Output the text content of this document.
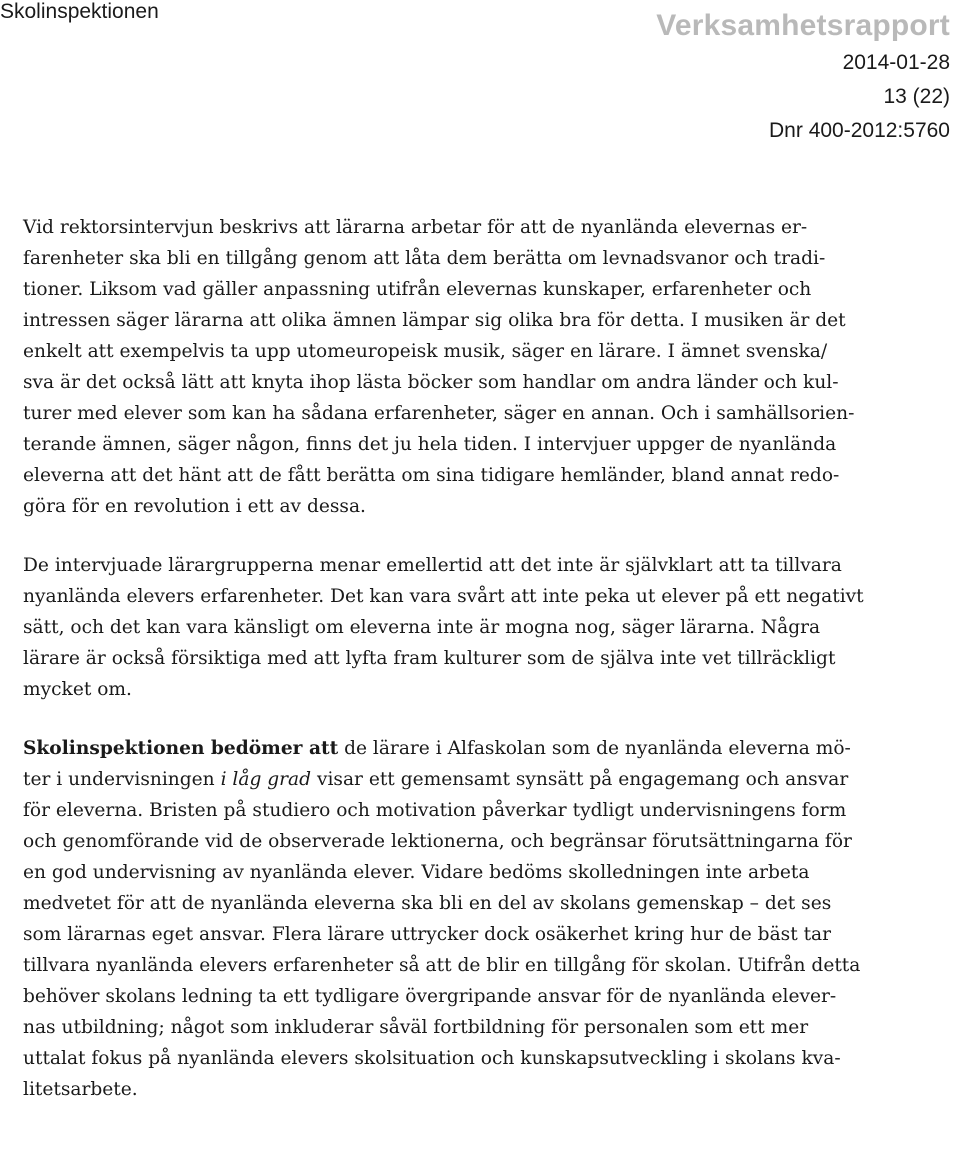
Skolinspektionen	Verksamhetsrapport
2014-01-28
13 (22)
Dnr 400-2012:5760

Vid rektorsintervjun beskrivs att lärarna arbetar för att de nyanlända elevernas er-
farenheter ska bli en tillgång genom att låta dem berätta om levnadsvanor och tradi-
tioner. Liksom vad gäller anpassning utifrån elevernas kunskaper, erfarenheter och
intressen säger lärarna att olika ämnen lämpar sig olika bra för detta. I musiken är det
enkelt att exempelvis ta upp utomeuropeisk musik, säger en lärare. I ämnet svenska/
sva är det också lätt att knyta ihop lästa böcker som handlar om andra länder och kul-
turer med elever som kan ha sådana erfarenheter, säger en annan. Och i samhällsorien-
terande ämnen, säger någon, finns det ju hela tiden. I intervjuer uppger de nyanlända
eleverna att det hänt att de fått berätta om sina tidigare hemländer, bland annat redo-
göra för en revolution i ett av dessa.

De intervjuade lärargrupperna menar emellertid att det inte är självklart att ta tillvara
nyanlända elevers erfarenheter. Det kan vara svårt att inte peka ut elever på ett negativt
sätt, och det kan vara känsligt om eleverna inte är mogna nog, säger lärarna. Några
lärare är också försiktiga med att lyfta fram kulturer som de själva inte vet tillräckligt
mycket om.

Skolinspektionen bedömer att de lärare i Alfaskolan som de nyanlända eleverna mö-
ter i undervisningen i låg grad visar ett gemensamt synsätt på engagemang och ansvar
för eleverna. Bristen på studiero och motivation påverkar tydligt undervisningens form
och genomförande vid de observerade lektionerna, och begränsar förutsättningarna för
en god undervisning av nyanlända elever. Vidare bedöms skolledningen inte arbeta
medvetet för att de nyanlända eleverna ska bli en del av skolans gemenskap – det ses
som lärarnas eget ansvar. Flera lärare uttrycker dock osäkerhet kring hur de bäst tar
tillvara nyanlända elevers erfarenheter så att de blir en tillgång för skolan. Utifrån detta
behöver skolans ledning ta ett tydligare övergripande ansvar för de nyanlända elever-
nas utbildning; något som inkluderar såväl fortbildning för personalen som ett mer
uttalat fokus på nyanlända elevers skolsituation och kunskapsutveckling i skolans kva-
litetsarbete.
